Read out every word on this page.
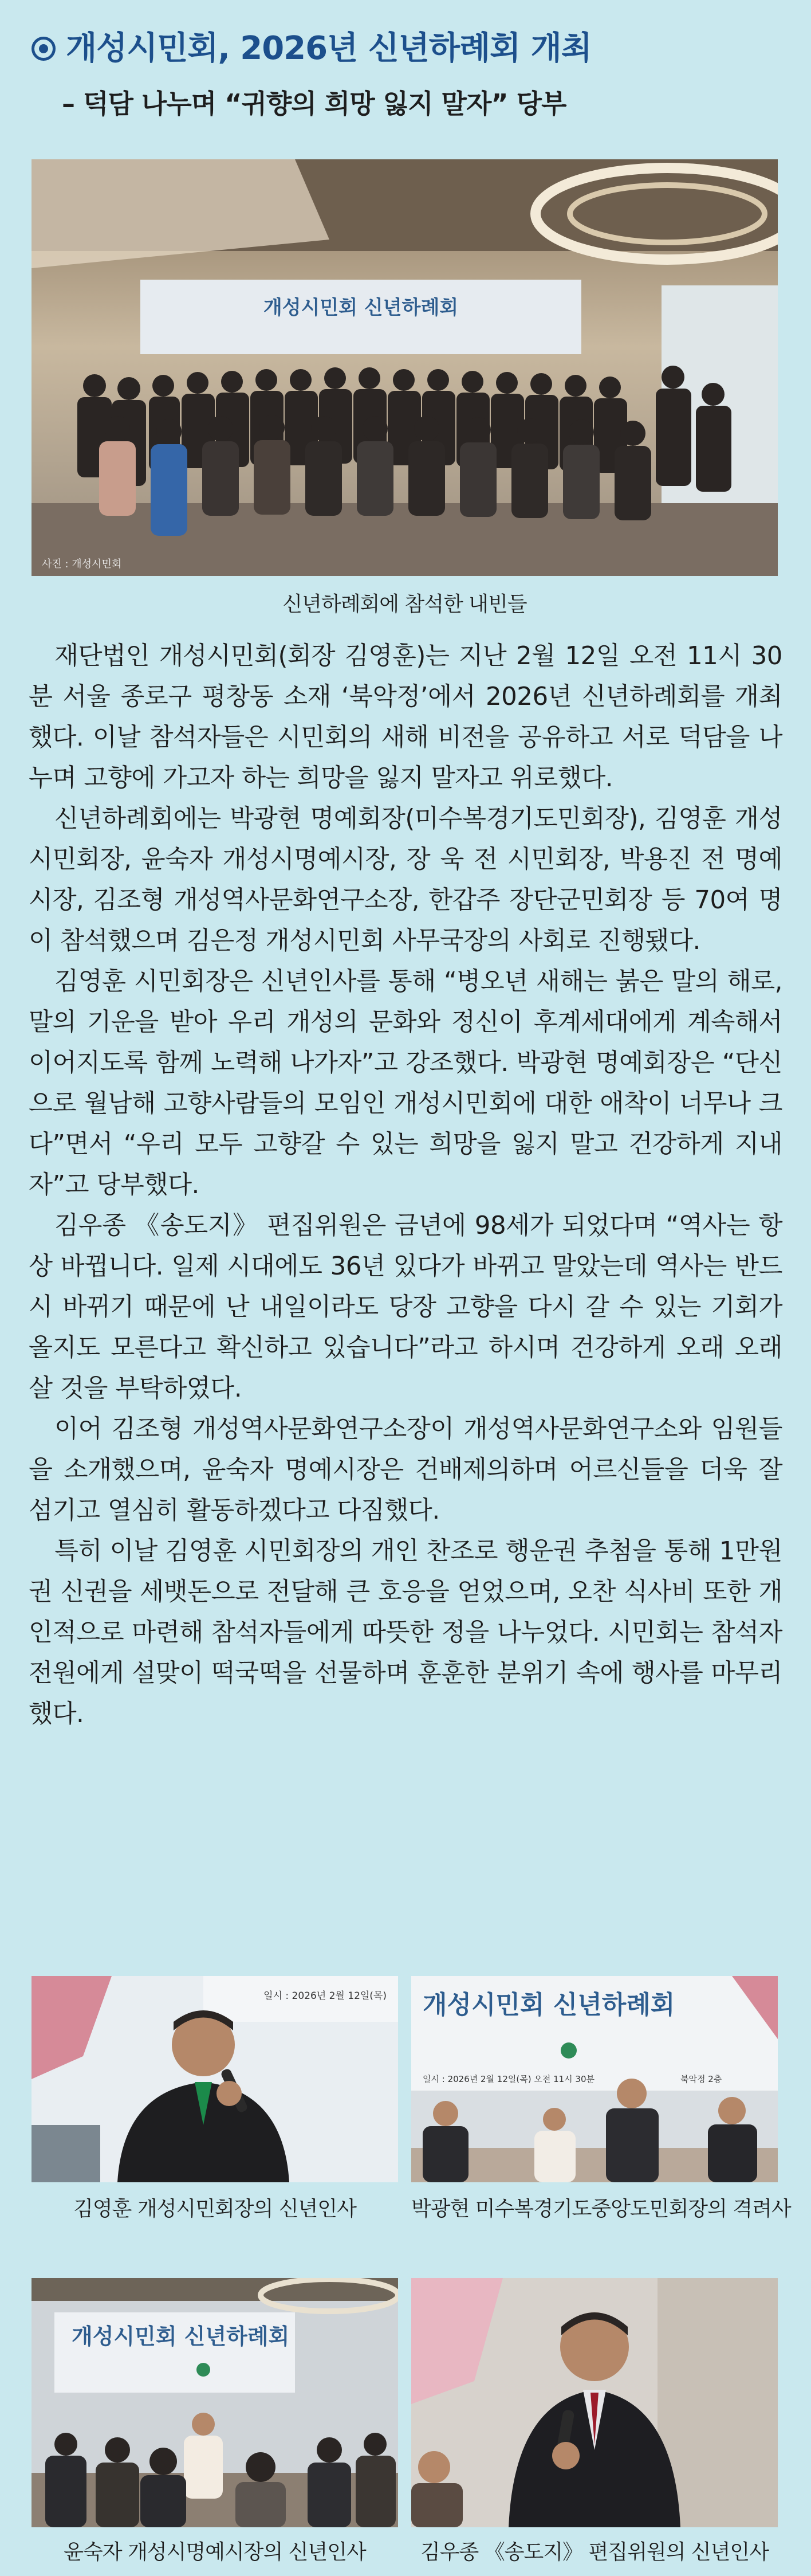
개성시민회, 2026년 신년하례회 개최
– 덕담 나누며 “귀향의 희망 잃지 말자” 당부
개성시민회 신년하례회
사진 : 개성시민회
신년하례회에 참석한 내빈들

재단법인 개성시민회(회장 김영훈)는 지난 2월 12일 오전 11시 30분 서울 종로구 평창동 소재 ‘북악정’에서 2026년 신년하례회를 개최했다. 이날 참석자들은 시민회의 새해 비전을 공유하고 서로 덕담을 나누며 고향에 가고자 하는 희망을 잃지 말자고 위로했다.

신년하례회에는 박광현 명예회장(미수복경기도민회장), 김영훈 개성시민회장, 윤숙자 개성시명예시장, 장 욱 전 시민회장, 박용진 전 명예시장, 김조형 개성역사문화연구소장, 한갑주 장단군민회장 등 70여 명이 참석했으며 김은정 개성시민회 사무국장의 사회로 진행됐다.

김영훈 시민회장은 신년인사를 통해 “병오년 새해는 붉은 말의 해로, 말의 기운을 받아 우리 개성의 문화와 정신이 후계세대에게 계속해서 이어지도록 함께 노력해 나가자”고 강조했다. 박광현 명예회장은 “단신으로 월남해 고향사람들의 모임인 개성시민회에 대한 애착이 너무나 크다”면서 “우리 모두 고향갈 수 있는 희망을 잃지 말고 건강하게 지내자”고 당부했다.

김우종 《송도지》 편집위원은 금년에 98세가 되었다며 “역사는 항상 바뀝니다. 일제 시대에도 36년 있다가 바뀌고 말았는데 역사는 반드시 바뀌기 때문에 난 내일이라도 당장 고향을 다시 갈 수 있는 기회가 올지도 모른다고 확신하고 있습니다”라고 하시며 건강하게 오래 오래 살 것을 부탁하였다.

이어 김조형 개성역사문화연구소장이 개성역사문화연구소와 임원들을 소개했으며, 윤숙자 명예시장은 건배제의하며 어르신들을 더욱 잘 섬기고 열심히 활동하겠다고 다짐했다.

특히 이날 김영훈 시민회장의 개인 찬조로 행운권 추첨을 통해 1만원권 신권을 세뱃돈으로 전달해 큰 호응을 얻었으며, 오찬 식사비 또한 개인적으로 마련해 참석자들에게 따뜻한 정을 나누었다. 시민회는 참석자 전원에게 설맞이 떡국떡을 선물하며 훈훈한 분위기 속에 행사를 마무리했다.

일시 : 2026년 2월 12일(목)
김영훈 개성시민회장의 신년인사
개성시민회 신년하례회
일시 : 2026년 2월 12일(목) 오전 11시 30분	북악정 2층
박광현 미수복경기도중앙도민회장의 격려사
개성시민회 신년하례회
윤숙자 개성시명예시장의 신년인사	김우종 《송도지》 편집위원의 신년인사
